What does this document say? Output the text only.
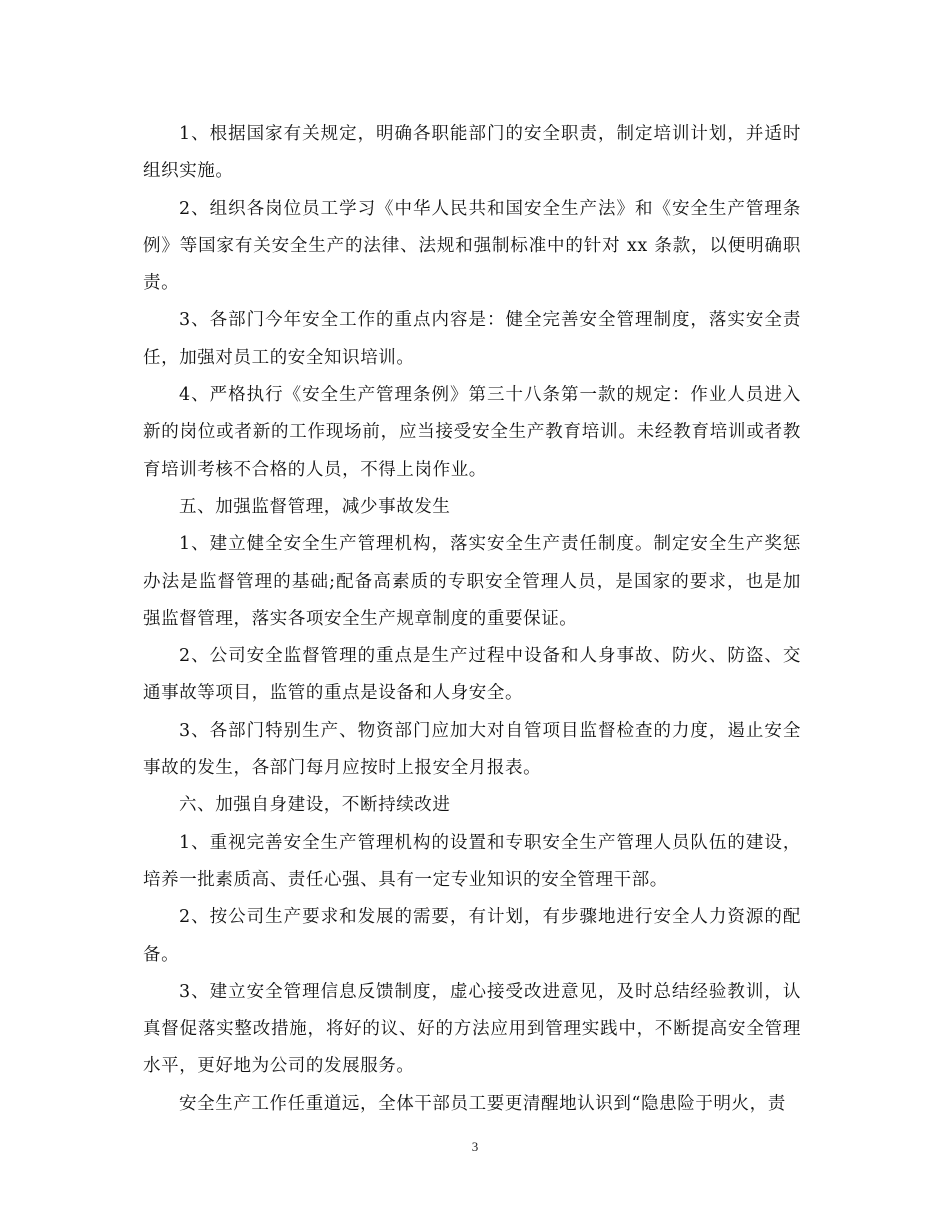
1、根据国家有关规定，明确各职能部门的安全职责，制定培训计划，并适时组织实施。

2、组织各岗位员工学习《中华人民共和国安全生产法》和《安全生产管理条例》等国家有关安全生产的法律、法规和强制标准中的针对 xx 条款，以便明确职责。

3、各部门今年安全工作的重点内容是：健全完善安全管理制度，落实安全责任，加强对员工的安全知识培训。

4、严格执行《安全生产管理条例》第三十八条第一款的规定：作业人员进入新的岗位或者新的工作现场前，应当接受安全生产教育培训。未经教育培训或者教育培训考核不合格的人员，不得上岗作业。

五、加强监督管理，减少事故发生

1、建立健全安全生产管理机构，落实安全生产责任制度。制定安全生产奖惩办法是监督管理的基础;配备高素质的专职安全管理人员，是国家的要求，也是加强监督管理，落实各项安全生产规章制度的重要保证。

2、公司安全监督管理的重点是生产过程中设备和人身事故、防火、防盗、交通事故等项目，监管的重点是设备和人身安全。

3、各部门特别生产、物资部门应加大对自管项目监督检查的力度，遏止安全事故的发生，各部门每月应按时上报安全月报表。

六、加强自身建设，不断持续改进

1、重视完善安全生产管理机构的设置和专职安全生产管理人员队伍的建设，培养一批素质高、责任心强、具有一定专业知识的安全管理干部。

2、按公司生产要求和发展的需要，有计划，有步骤地进行安全人力资源的配备。

3、建立安全管理信息反馈制度，虚心接受改进意见，及时总结经验教训，认真督促落实整改措施，将好的议、好的方法应用到管理实践中，不断提高安全管理水平，更好地为公司的发展服务。

安全生产工作任重道远，全体干部员工要更清醒地认识到“隐患险于明火，责

3
